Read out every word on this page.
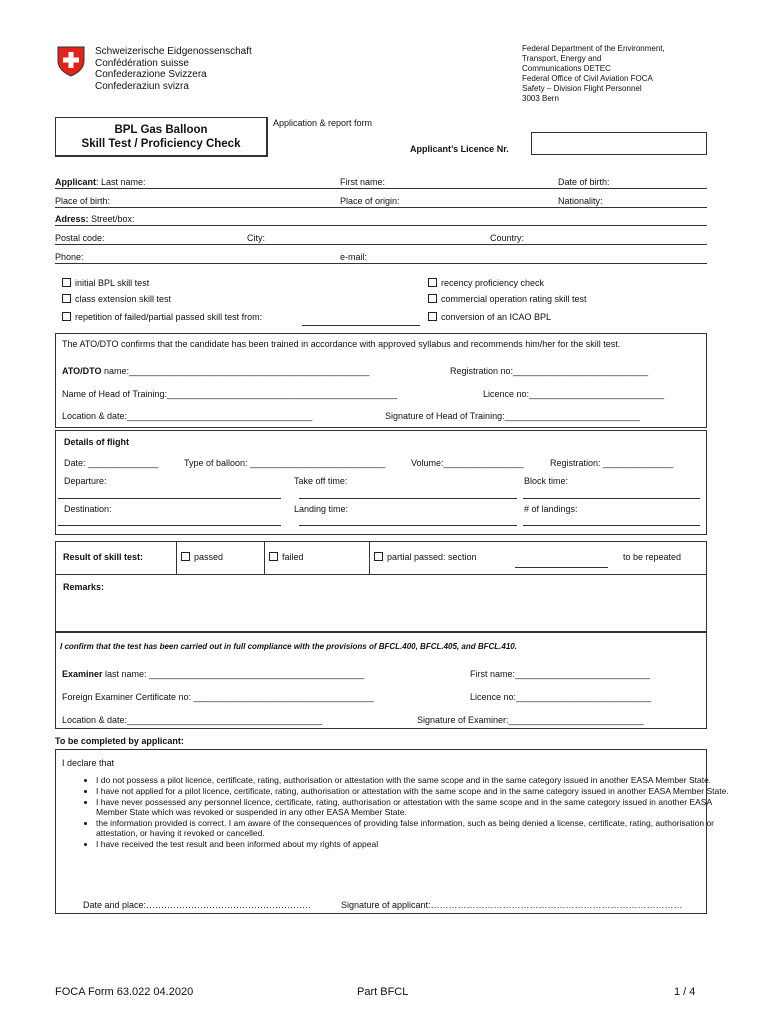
Schweizerische Eidgenossenschaft
Confédération suisse
Confederazione Svizzera
Confederaziun svizra
Federal Department of the Environment,
Transport, Energy and
Communications DETEC
Federal Office of Civil Aviation FOCA
Safety – Division Flight Personnel
3003 Bern
BPL Gas Balloon
Skill Test / Proficiency Check
Application & report form
Applicant’s Licence Nr.
Applicant: Last name:	First name:	Date of birth:
Place of birth:	Place of origin:	Nationality:
Adress: Street/box:
Postal code:	City:	Country:
Phone:	e-mail:
initial BPL skill test	recency proficiency check
class extension skill test	commercial operation rating skill test
repetition of failed/partial passed skill test from:	conversion of an ICAO BPL
The ATO/DTO confirms that the candidate has been trained in accordance with approved syllabus and recommends him/her for the skill test.
ATO/DTO name:________________________________________________	Registration no:___________________________
Name of Head of Training:______________________________________________	Licence no:___________________________
Location & date:_____________________________________	Signature of Head of Training:___________________________
Details of flight
Date: ______________	Type of balloon: ___________________________	Volume:________________	Registration: ______________
Departure:	Take off time:	Block time:
Destination:	Landing time:	# of landings:
Result of skill test:	passed	failed	partial passed: section	to be repeated
Remarks:
I confirm that the test has been carried out in full compliance with the provisions of BFCL.400, BFCL.405, and BFCL.410.
Examiner last name: ___________________________________________	First name:___________________________
Foreign Examiner Certificate no: ____________________________________	Licence no:___________________________
Location & date:_______________________________________	Signature of Examiner:___________________________
To be completed by applicant:
I declare that
• I do not possess a pilot licence, certificate, rating, authorisation or attestation with the same scope and in the same category issued in another EASA Member State.
• I have not applied for a pilot licence, certificate, rating, authorisation or attestation with the same scope and in the same category issued in another EASA Member State.
• I have never possessed any personnel licence, certificate, rating, authorisation or attestation with the same scope and in the same category issued in another EASA Member State which was revoked or suspended in any other EASA Member State.
• the information provided is correct. I am aware of the consequences of providing false information, such as being denied a license, certificate, rating, authorisation or attestation, or having it revoked or cancelled.
• I have received the test result and been informed about my rights of appeal
Date and place:……………………………………………….	Signature of applicant:…………………………………………………………………………
FOCA Form 63.022 04.2020	Part BFCL	1 / 4
